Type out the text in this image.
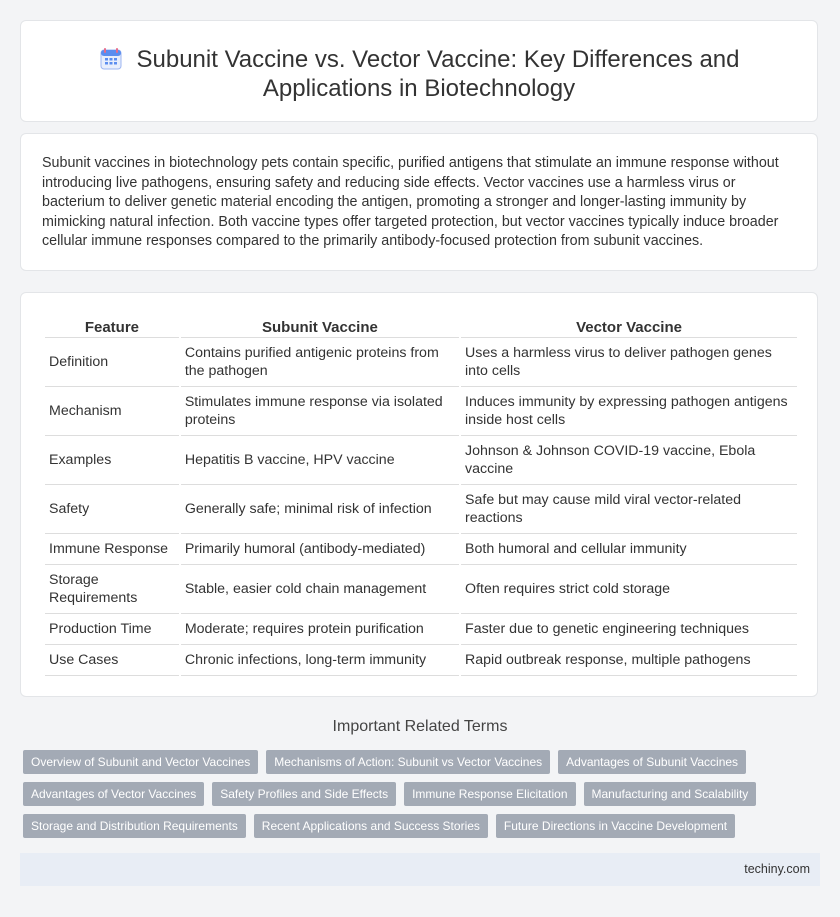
Subunit Vaccine vs. Vector Vaccine: Key Differences and
Applications in Biotechnology
Subunit vaccines in biotechnology pets contain specific, purified antigens that stimulate an immune response without introducing live pathogens, ensuring safety and reducing side effects. Vector vaccines use a harmless virus or bacterium to deliver genetic material encoding the antigen, promoting a stronger and longer-lasting immunity by mimicking natural infection. Both vaccine types offer targeted protection, but vector vaccines typically induce broader cellular immune responses compared to the primarily antibody-focused protection from subunit vaccines.
Feature	Subunit Vaccine	Vector Vaccine
Definition	Contains purified antigenic proteins from the pathogen	Uses a harmless virus to deliver pathogen genes into cells
Mechanism	Stimulates immune response via isolated proteins	Induces immunity by expressing pathogen antigens inside host cells
Examples	Hepatitis B vaccine, HPV vaccine	Johnson & Johnson COVID-19 vaccine, Ebola vaccine
Safety	Generally safe; minimal risk of infection	Safe but may cause mild viral vector-related reactions
Immune Response	Primarily humoral (antibody-mediated)	Both humoral and cellular immunity
Storage Requirements	Stable, easier cold chain management	Often requires strict cold storage
Production Time	Moderate; requires protein purification	Faster due to genetic engineering techniques
Use Cases	Chronic infections, long-term immunity	Rapid outbreak response, multiple pathogens
Important Related Terms
Overview of Subunit and Vector Vaccines	Mechanisms of Action: Subunit vs Vector Vaccines	Advantages of Subunit Vaccines
Advantages of Vector Vaccines	Safety Profiles and Side Effects	Immune Response Elicitation	Manufacturing and Scalability
Storage and Distribution Requirements	Recent Applications and Success Stories	Future Directions in Vaccine Development
techiny.com
